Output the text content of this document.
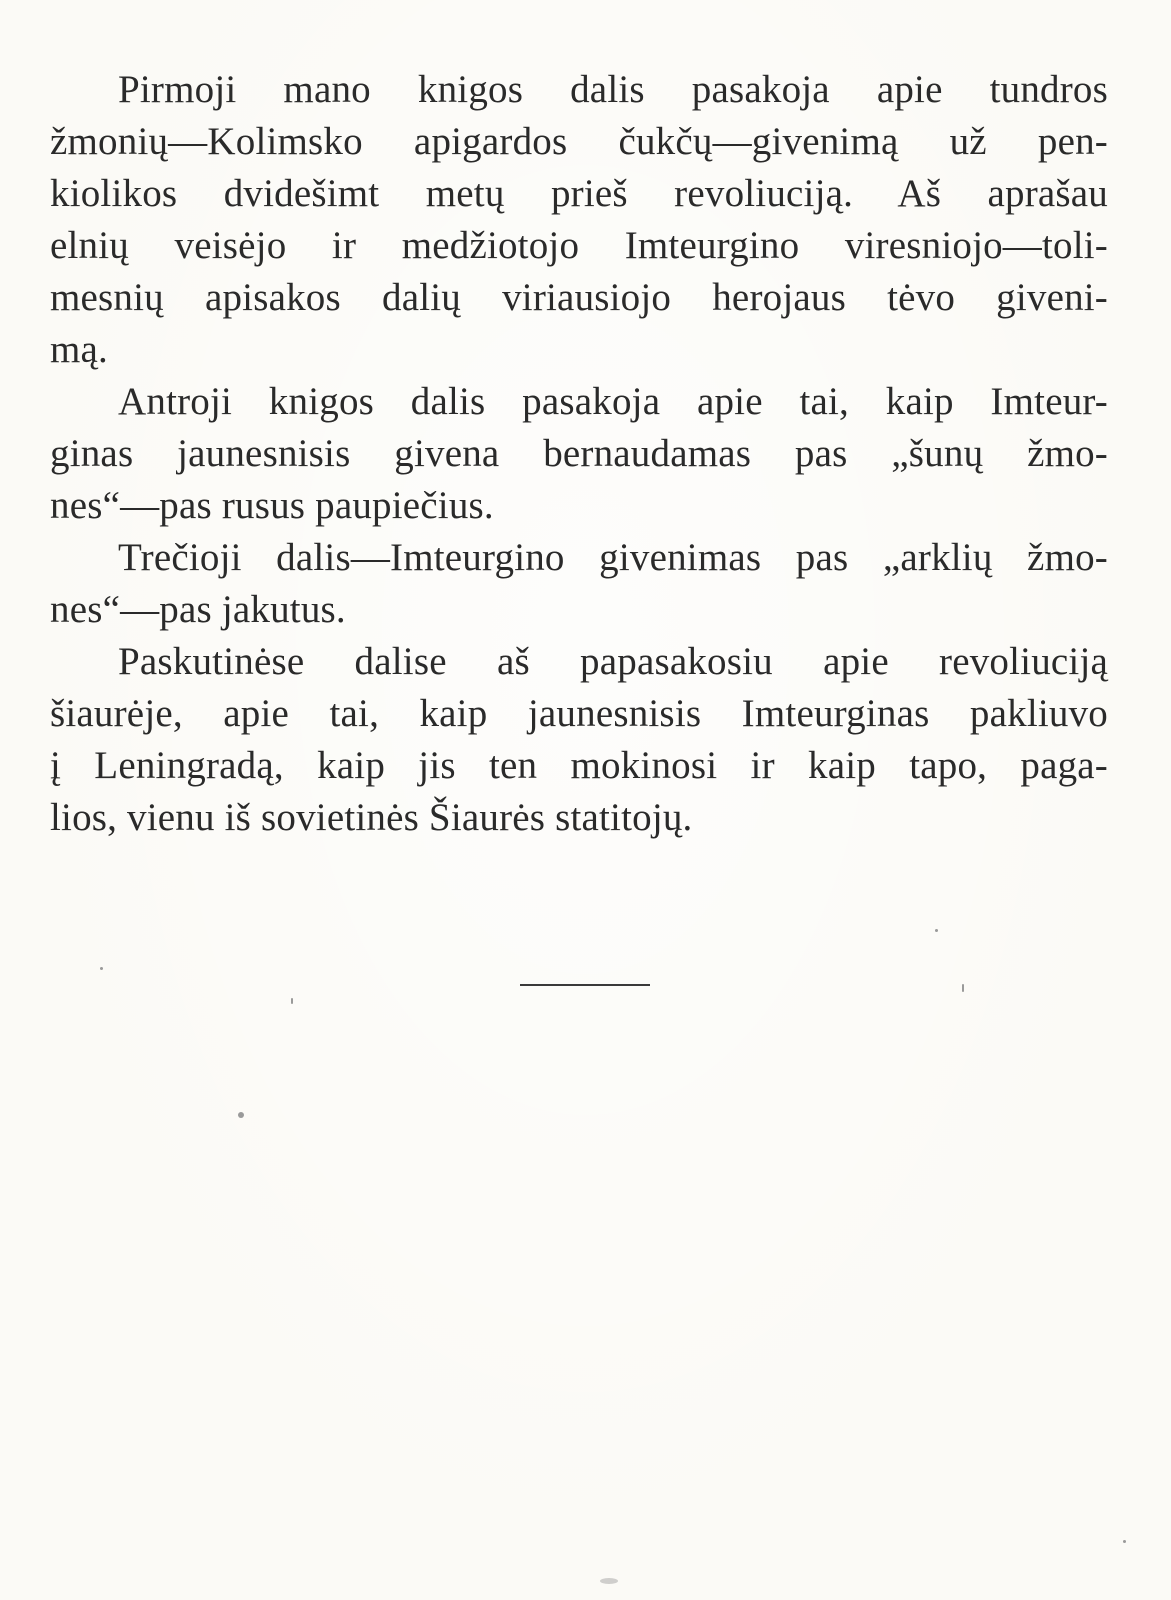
Pirmoji mano knigos dalis pasakoja apie tundros
žmonių—Kolimsko apigardos čukčų—givenimą už pen-
kiolikos dvidešimt metų prieš revoliuciją. Aš aprašau
elnių veisėjo ir medžiotojo Imteurgino viresniojo—toli-
mesnių apisakos dalių viriausiojo herojaus tėvo giveni-
mą.
Antroji knigos dalis pasakoja apie tai, kaip Imteur-
ginas jaunesnisis givena bernaudamas pas „šunų žmo-
nes“—pas rusus paupiečius.
Trečioji dalis—Imteurgino givenimas pas „arklių žmo-
nes“—pas jakutus.
Paskutinėse dalise aš papasakosiu apie revoliuciją
šiaurėje, apie tai, kaip jaunesnisis Imteurginas pakliuvo
į Leningradą, kaip jis ten mokinosi ir kaip tapo, paga-
lios, vienu iš sovietinės Šiaurės statitojų.
